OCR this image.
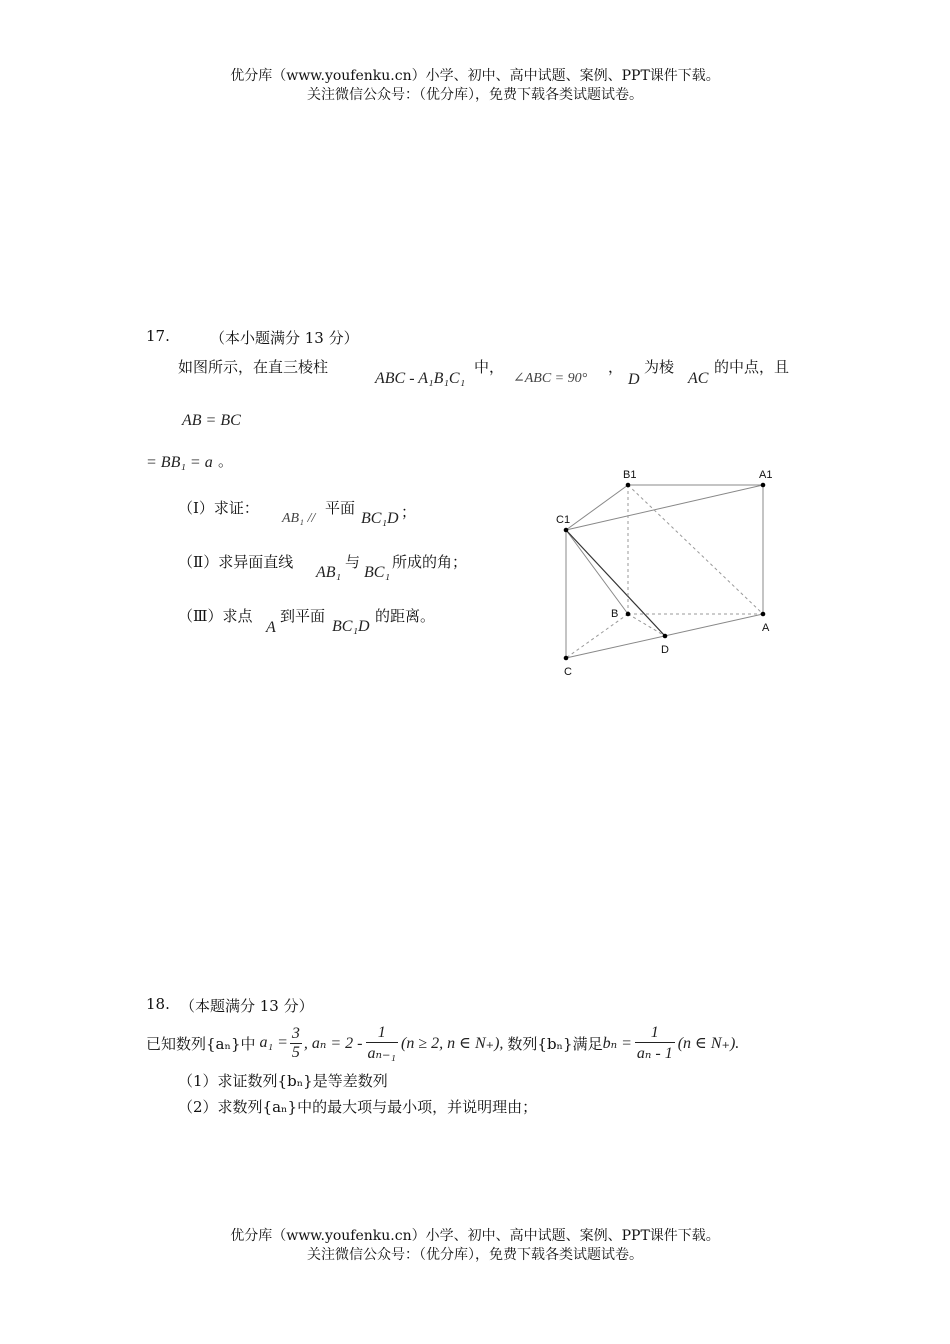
优分库（www.youfenku.cn）小学、初中、高中试题、案例、PPT课件下载。
关注微信公众号：（优分库），免费下载各类试题试卷。
17.	（本小题满分 13 分）
如图所示，在直三棱柱
ABC - A₁B₁C₁
中，
∠ABC = 90°
，
D
为棱
AC
的中点，且
AB = BC
= BB₁ = a 。
（Ⅰ）求证：
AB₁ //
平面
BC₁D ；
（Ⅱ）求异面直线
AB₁
与
BC₁
所成的角；
（Ⅲ）求点
A
到平面
BC₁D
的距离。
B1	A1
C1
B
A
D
C
18. （本题满分 13 分）
已知数列{aₙ}中 $a_1 = \frac{3}{5}$ , $a_n = 2 - \frac{1}{\text{aₙ₋₁}} (n \ge 2$, n ∈ N₊), 数列{bₙ}满足 $b_n = \frac{1}{\text{aₙ - 1}} (n$ ∈ N₊).
（1）求证数列{bₙ}是等差数列
（2）求数列{aₙ}中的最大项与最小项，并说明理由；
优分库（www.youfenku.cn）小学、初中、高中试题、案例、PPT课件下载。
关注微信公众号：（优分库），免费下载各类试题试卷。
